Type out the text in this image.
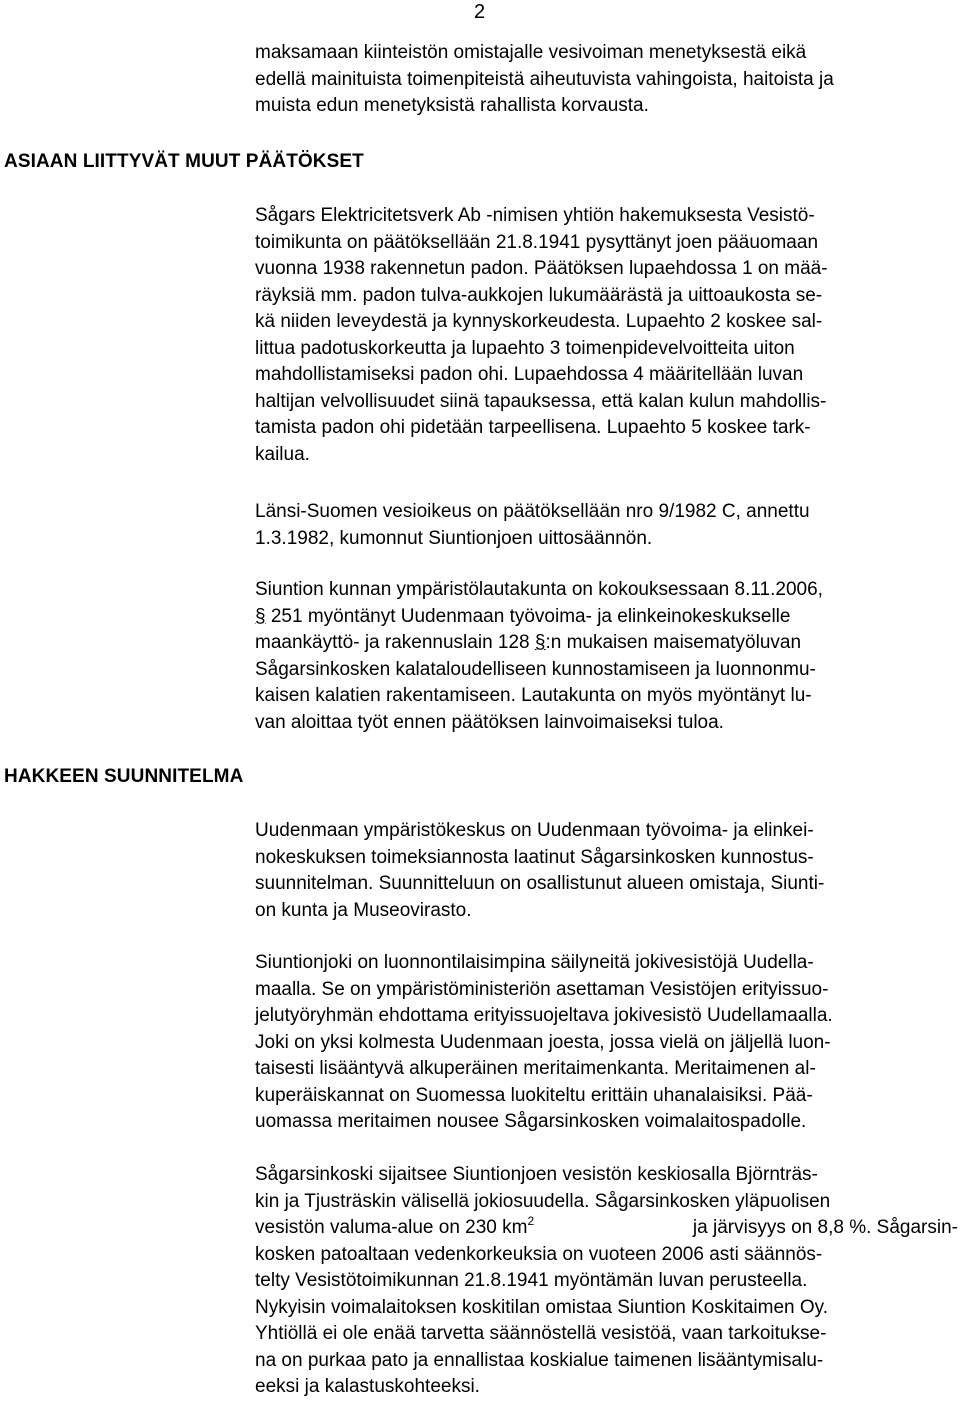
2
maksamaan kiinteistön omistajalle vesivoiman menetyksestä eikä
edellä mainituista toimenpiteistä aiheutuvista vahingoista, haitoista ja
muista edun menetyksistä rahallista korvausta.
ASIAAN LIITTYVÄT MUUT PÄÄTÖKSET
Sågars Elektricitetsverk Ab -nimisen yhtiön hakemuksesta Vesistö-
toimikunta on päätöksellään 21.8.1941 pysyttänyt joen pääuomaan
vuonna 1938 rakennetun padon. Päätöksen lupaehdossa 1 on mää-
räyksiä mm. padon tulva-aukkojen lukumäärästä ja uittoaukosta se-
kä niiden leveydestä ja kynnyskorkeudesta. Lupaehto 2 koskee sal-
littua padotuskorkeutta ja lupaehto 3 toimenpidevelvoitteita uiton
mahdollistamiseksi padon ohi. Lupaehdossa 4 määritellään luvan
haltijan velvollisuudet siinä tapauksessa, että kalan kulun mahdollis-
tamista padon ohi pidetään tarpeellisena. Lupaehto 5 koskee tark-
kailua.
Länsi-Suomen vesioikeus on päätöksellään nro 9/1982 C, annettu
1.3.1982, kumonnut Siuntionjoen uittosäännön.
Siuntion kunnan ympäristölautakunta on kokouksessaan 8.11.2006,
§ 251 myöntänyt Uudenmaan työvoima- ja elinkeinokeskukselle
maankäyttö- ja rakennuslain 128 § :n mukaisen maisematyöluvan
Sågarsinkosken kalataloudelliseen kunnostamiseen ja luonnonmu-
kaisen kalatien rakentamiseen. Lautakunta on myös myöntänyt lu-
van aloittaa työt ennen päätöksen lainvoimaiseksi tuloa.
HAKKEEN SUUNNITELMA
Uudenmaan ympäristökeskus on Uudenmaan työvoima- ja elinkei-
nokeskuksen toimeksiannosta laatinut Sågarsinkosken kunnostus-
suunnitelman. Suunnitteluun on osallistunut alueen omistaja, Siunti-
on kunta ja Museovirasto.
Siuntionjoki on luonnontilaisimpina säilyneitä jokivesistöjä Uudella-
maalla. Se on ympäristöministeriön asettaman Vesistöjen erityissuo-
jelutyöryhmän ehdottama erityissuojeltava jokivesistö Uudellamaalla.
Joki on yksi kolmesta Uudenmaan joesta, jossa vielä on jäljellä luon-
taisesti lisääntyvä alkuperäinen meritaimenkanta. Meritaimenen al-
kuperäiskannat on Suomessa luokiteltu erittäin uhanalaisiksi. Pää-
uomassa meritaimen nousee Sågarsinkosken voimalaitospadolle.
Sågarsinkoski sijaitsee Siuntionjoen vesistön keskiosalla Björnträs-
kin ja Tjusträskin välisellä jokiosuudella. Sågarsinkosken yläpuolisen
vesistön valuma-alue on 230 $km^2$	ja järvisyys on 8,8 %. Sågarsin-
kosken patoaltaan vedenkorkeuksia on vuoteen 2006 asti säännös-
telty Vesistötoimikunnan 21.8.1941 myöntämän luvan perusteella.
Nykyisin voimalaitoksen koskitilan omistaa Siuntion Koskitaimen Oy.
Yhtiöllä ei ole enää tarvetta säännöstellä vesistöä, vaan tarkoitukse-
na on purkaa pato ja ennallistaa koskialue taimenen lisääntymisalu-
eeksi ja kalastuskohteeksi.
